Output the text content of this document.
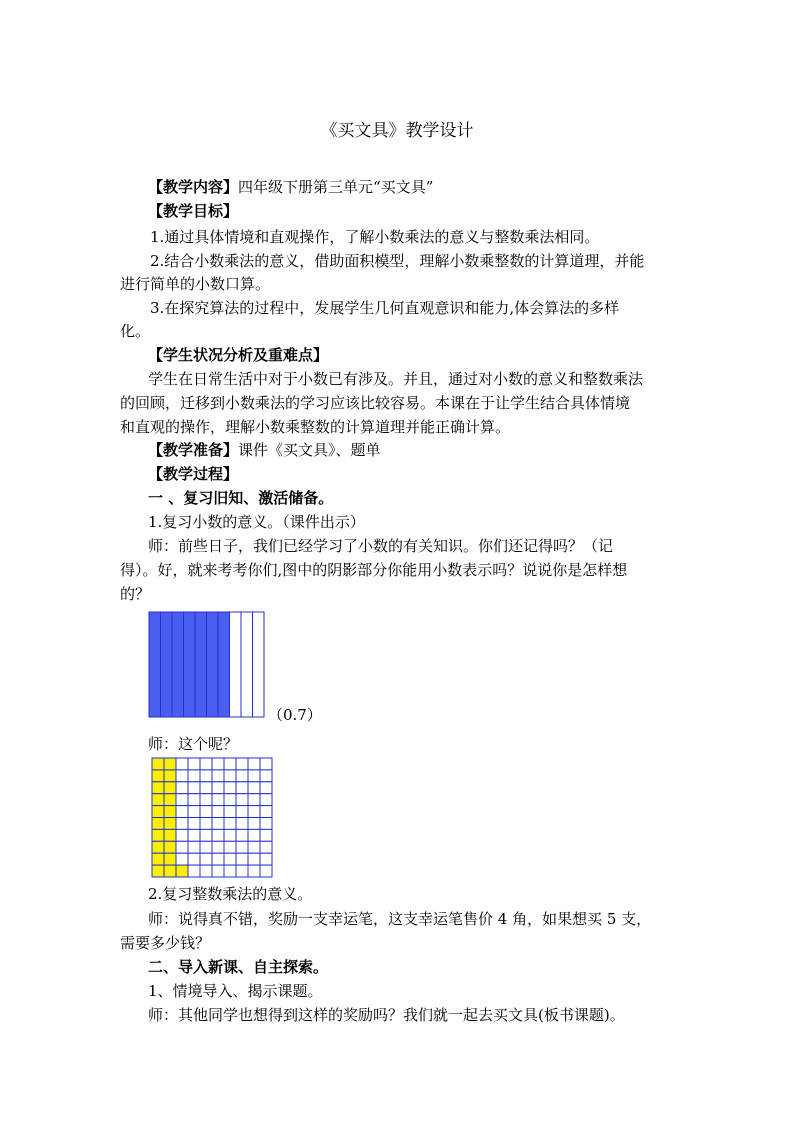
《买文具》教学设计
【教学内容】四年级下册第三单元“买文具”
【教学目标】
1.通过具体情境和直观操作，了解小数乘法的意义与整数乘法相同。
2.结合小数乘法的意义，借助面积模型，理解小数乘整数的计算道理，并能
进行简单的小数口算。
3.在探究算法的过程中，发展学生几何直观意识和能力,体会算法的多样
化。
【学生状况分析及重难点】
学生在日常生活中对于小数已有涉及。并且，通过对小数的意义和整数乘法
的回顾，迁移到小数乘法的学习应该比较容易。本课在于让学生结合具体情境
和直观的操作，理解小数乘整数的计算道理并能正确计算。
【教学准备】课件《买文具》、题单
【教学过程】
一 、复习旧知、激活储备。
1.复习小数的意义。（课件出示）
师：前些日子，我们已经学习了小数的有关知识。你们还记得吗？（记
得）。好，就来考考你们,图中的阴影部分你能用小数表示吗？说说你是怎样想
的？
（0.7）
师：这个呢？
2.复习整数乘法的意义。
师：说得真不错，奖励一支幸运笔，这支幸运笔售价 4 角，如果想买 5 支，
需要多少钱？
二、导入新课、自主探索。
1、情境导入、揭示课题。
师：其他同学也想得到这样的奖励吗？我们就一起去买文具(板书课题)。
